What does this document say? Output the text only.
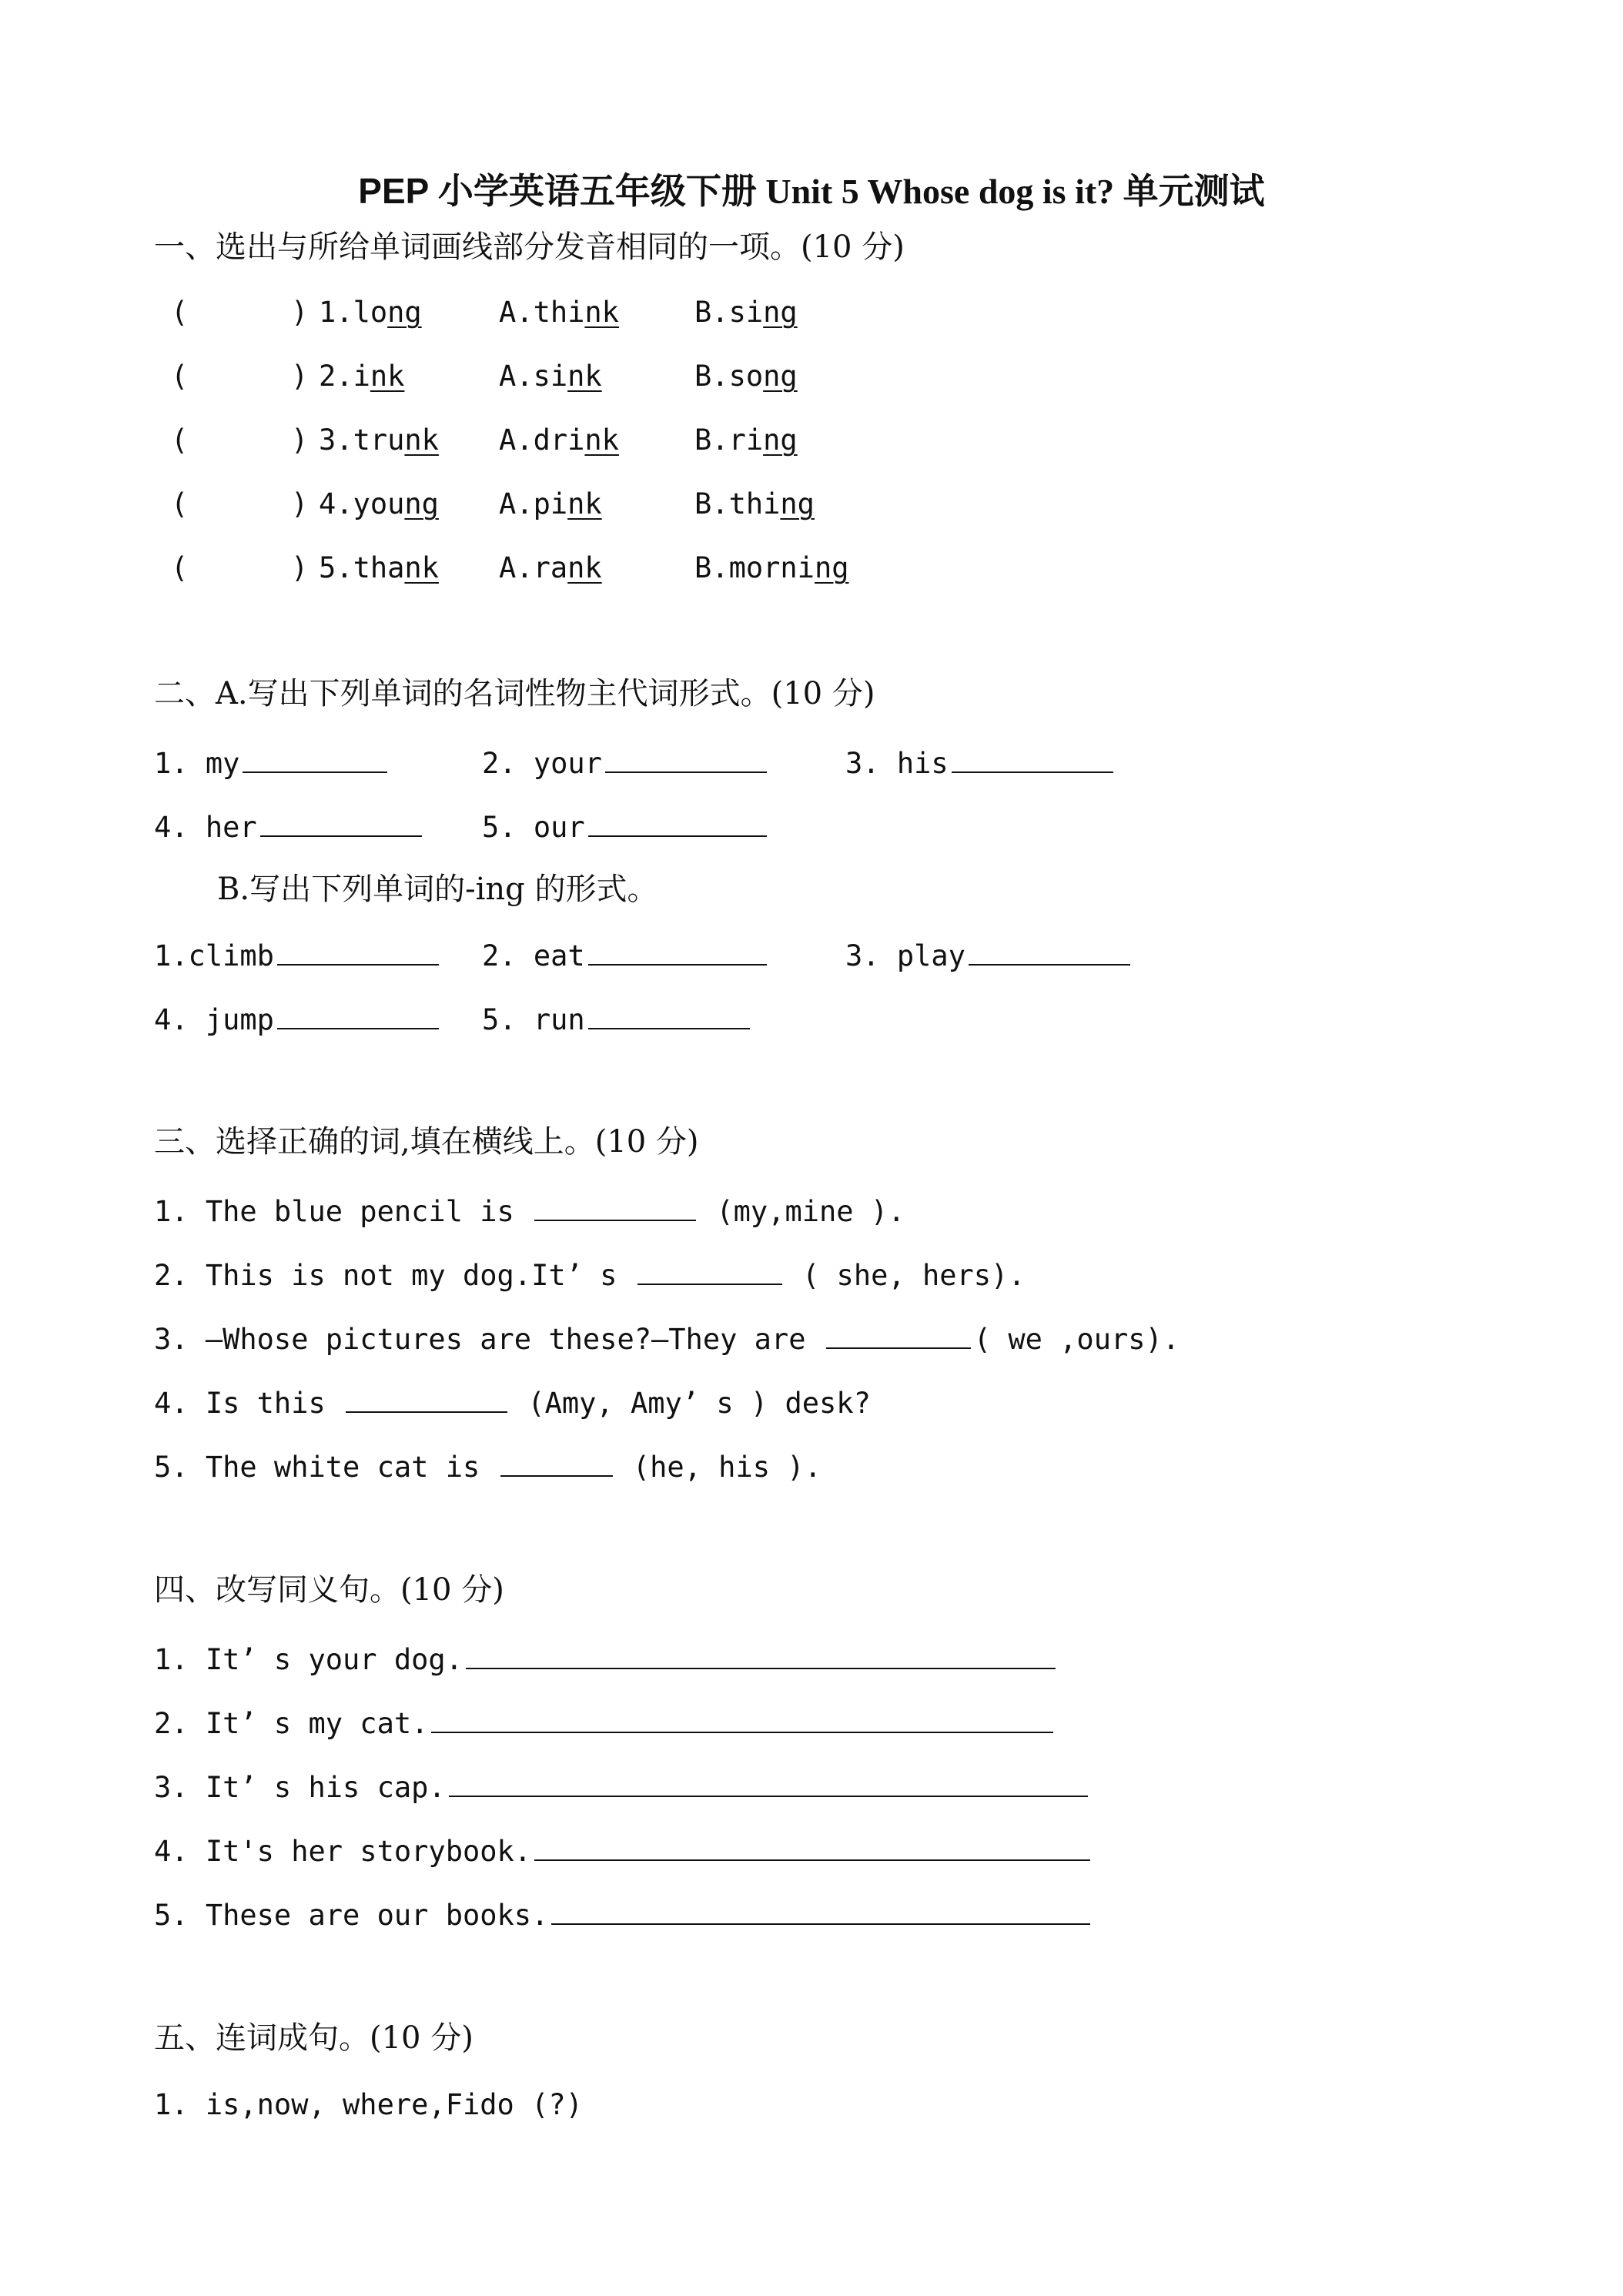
PEP 小学英语五年级下册 Unit 5 Whose dog is it? 单元测试
一、选出与所给单词画线部分发音相同的一项。(10 分)
(	) 1.long	A.think	B.sing
(	) 2.ink	A.sink	B.song
(	) 3.trunk A.drink	B.ring
(	) 4.young A.pink	B.thing
(	) 5.thank A.rank	B.morning
二、A.写出下列单词的名词性物主代词形式。(10 分)
1. my	2. your	3. his
4. her	5. our
B.写出下列单词的-ing 的形式。
1.climb	2. eat	3. play
4. jump	5. run
三、选择正确的词,填在横线上。(10 分)
1. The blue pencil is	(my,mine ).
2. This is not my dog.It’ s	( she, hers).
3. —Whose pictures are these?—They are	( we ,ours).
4. Is this	(Amy, Amy’ s ) desk?
5. The white cat is	(he, his ).
四、改写同义句。(10 分)
1. It’ s your dog.
2. It’ s my cat.
3. It’ s his cap.
4. It's her storybook.
5. These are our books.
五、连词成句。(10 分)
1. is,now, where,Fido (?)
